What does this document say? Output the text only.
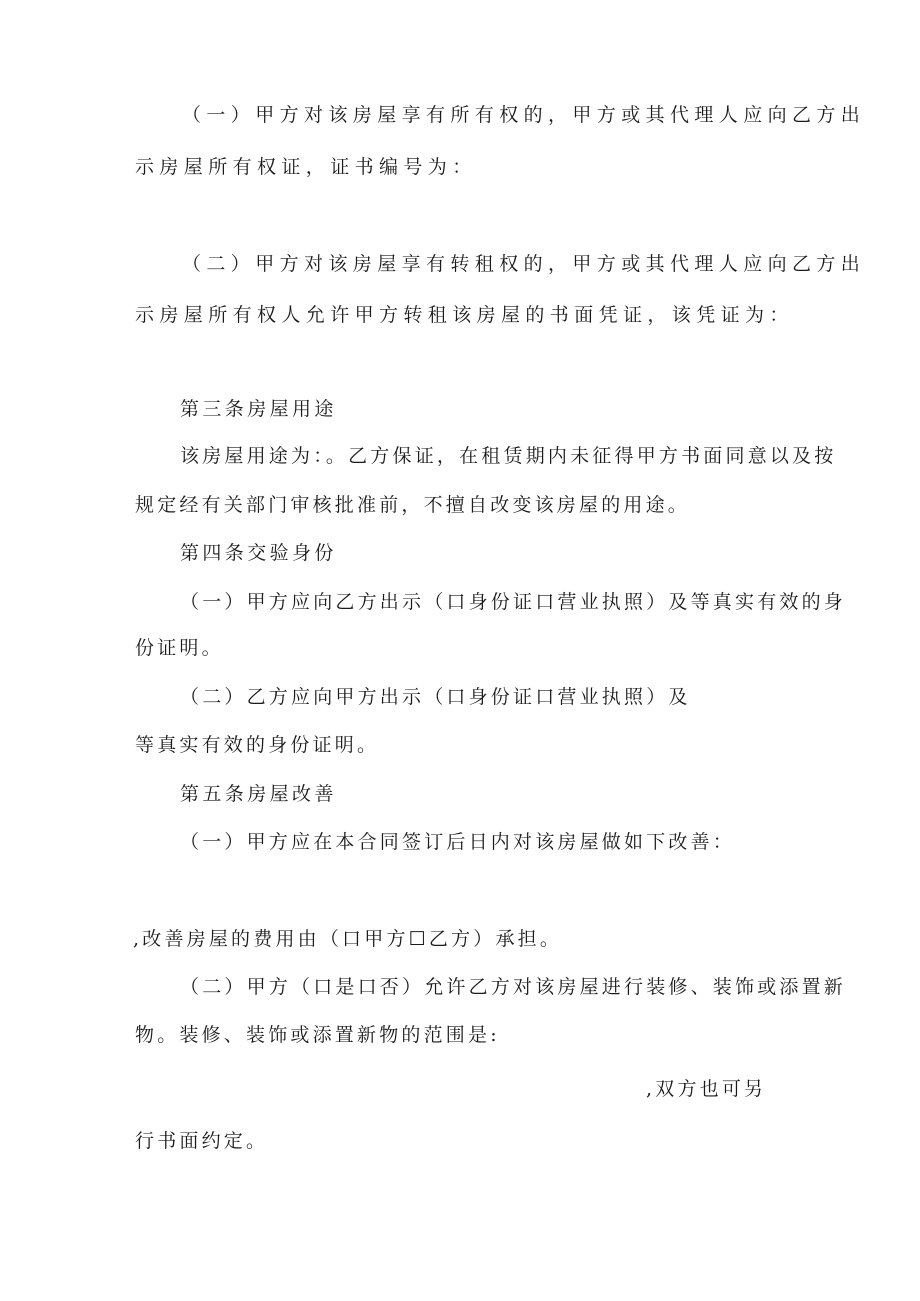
（一）甲方对该房屋享有所有权的，甲方或其代理人应向乙方出

示房屋所有权证，证书编号为：

（二）甲方对该房屋享有转租权的，甲方或其代理人应向乙方出

示房屋所有权人允许甲方转租该房屋的书面凭证，该凭证为：

第三条房屋用途

该房屋用途为：。乙方保证，在租赁期内未征得甲方书面同意以及按

规定经有关部门审核批准前，不擅自改变该房屋的用途。

第四条交验身份

（一）甲方应向乙方出示（口身份证口营业执照）及等真实有效的身

份证明。

（二）乙方应向甲方出示（口身份证口营业执照）及

等真实有效的身份证明。

第五条房屋改善

（一）甲方应在本合同签订后日内对该房屋做如下改善：

,改善房屋的费用由（口甲方☐乙方）承担。

（二）甲方（口是口否）允许乙方对该房屋进行装修、装饰或添置新

物。装修、装饰或添置新物的范围是:

,双方也可另

行书面约定。
